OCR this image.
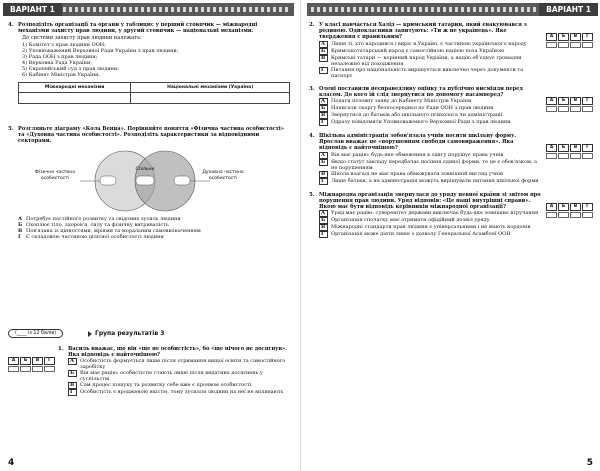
ВАРІАНТ 1
4. Розподіліть організації та органи у таблицю: у перший стовпчик — міжнародні механізми захисту прав людини, у другий стовпчик — національні механізми.

До системи захисту прав людини належать:

1) Комітет з прав людини ООН;
2) Уповноважений Верховної Ради України з прав людини;
3) Рада ООН з прав людини;
4) Верховна Рада України;
5) Європейський суд з прав людини;
6) Кабінет Міністрів України.
Міжнародні механізми	Національні механізми (Україна)

5. Розгляньте діаграму «Кола Венна». Порівняйте поняття «Фізична частина особистості» та «Духовна частина особистості». Розподіліть характеристики за відповідними секторами.

Фізична частина особистості
Спільне
Духовна частина особистості
А Потребує постійного розвитку та свідомих зусиль людини
Б Охоплює тіло, здоров'я, силу та фізичну витривалість
В Пов'язана із цінностями, мріями та моральним самовизначенням
Г Є складовою частиною цілісної особистості людини
(____ із 12 балів)	Група результатів 3
А	Б	В	Г
1. Василь вважає, що він «ще не особистість», бо «ще нічого не досягнув». Яка відповідь є найточнішою?

А	Особистість формується лише після отримання вищої освіти та самостійного заробітку
Б	Він має рацію: особистістю стають лише після видатних досягнень у суспільстві
В	Сам процес пошуку та розвитку себе вже є проявом особистості
Г	Особистість є вродженою якістю, тому зусилля людини на неї не впливають
4
ВАРІАНТ 1
2. У класі навчається Халід — кримський татарин, який евакуювався з родиною. Однокласники запитують: «Ти ж не українець». Яке твердження є правильним?

А	Лише ті, хто народився і виріс в Україні, є частиною українського народу
Б	Кримськотатарський народ є самостійною нацією поза Україною
В	Кримські татари — корінний народ України, а націю об'єднує громадян незалежно від походження
Г	Питання про національність вирішується виключно через документи та паспорт
А	Б	В	Г
3. Олені поставили несправедливу оцінку та публічно висміяли перед класом. До кого їй слід звернутися по допомогу насамперед?

А	Подати позовну заяву до Кабінету Міністрів України
Б	Написати скаргу безпосередньо до Ради ООН з прав людини
В	Звернутися до батьків або шкільного психолога чи адміністрації
Г	Одразу повідомити Уповноваженого Верховної Ради з прав людини
А	Б	В	Г
4. Шкільна адміністрація зобов'язала учнів носити шкільну форму. Ярослав вважає це «порушенням свободи самовираження». Яка відповідь є найточнішою?

А	Він має рацію: будь-яке обмеження в одягу порушує права учнів
Б	Якщо статут закладу передбачає носіння єдиної форми, то це є обов'язком, а не порушенням
В	Школа взагалі не має права обмежувати зовнішній вигляд учнів
Г	Лише батьки, а не адміністрація можуть вирішувати питання шкільної форми
А	Б	В	Г
5. Міжнародна організація звернулася до уряду певної країни зі звітом про порушення прав людини. Уряд відповів: «Це наші внутрішні справи». Якою має бути відповідь керівників міжнародної організації?

А	Уряд має рацію: суверенітет держави виключає будь-яке зовнішнє втручання
Б	Організація спочатку має отримати офіційний дозвіл уряду
В	Міжнародні стандарти прав людини є універсальними і не мають кордонів
Г	Організація може діяти лише з дозволу Генеральної Асамблеї ООН
А	Б	В	Г
5
